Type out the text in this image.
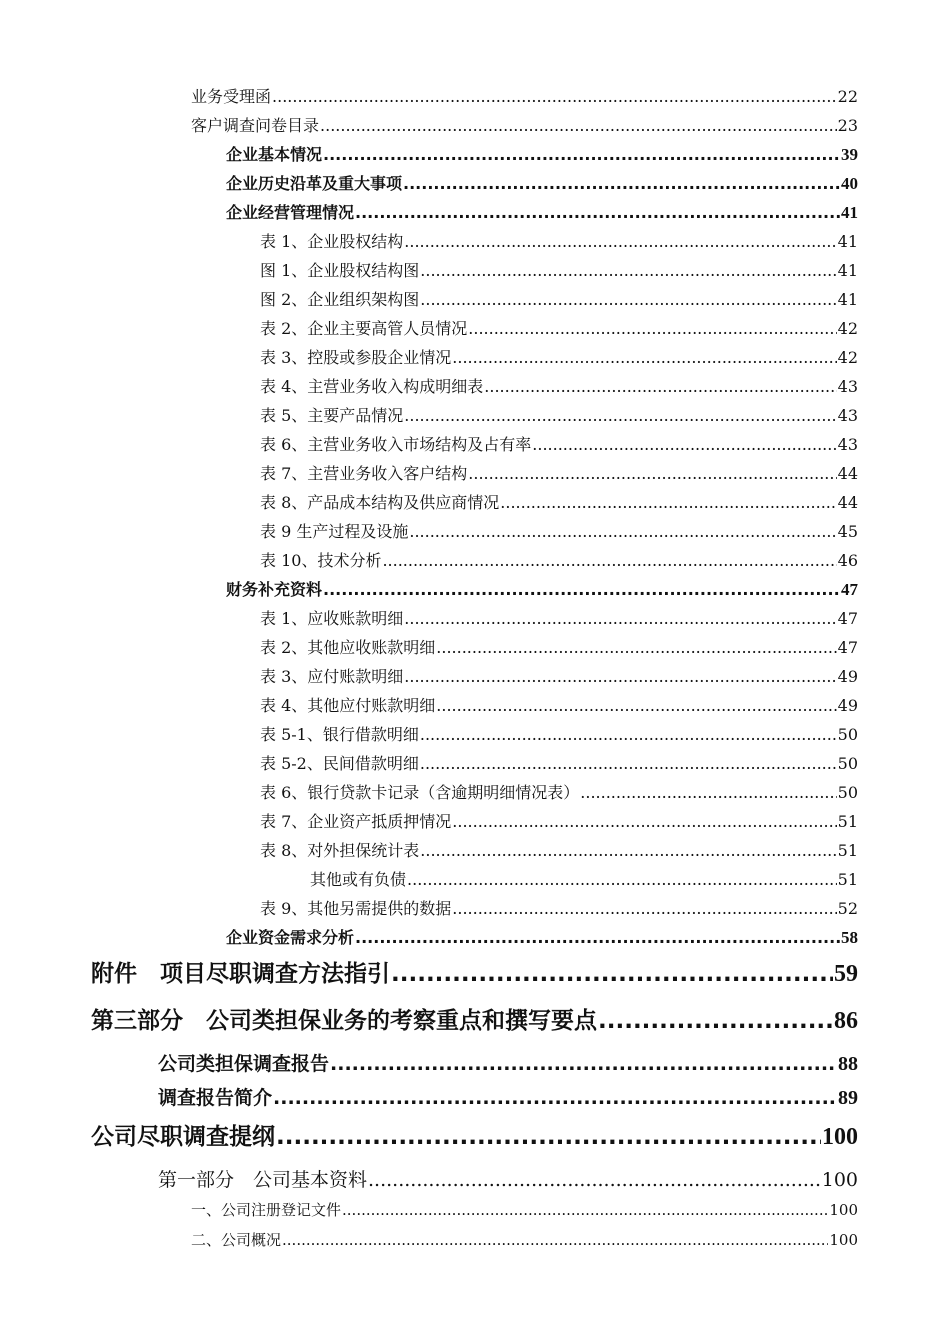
业务受理函 .....	22
客户调查问卷目录 .....	23
企业基本情况 .....	39
企业历史沿革及重大事项 .....	40
企业经营管理情况 .....	41
表 1、企业股权结构 .....	41
图 1、企业股权结构图 .....	41
图 2、企业组织架构图 .....	41
表 2、企业主要高管人员情况 .....	42
表 3、控股或参股企业情况 .....	42
表 4、主营业务收入构成明细表 .....	43
表 5、主要产品情况 .....	43
表 6、主营业务收入市场结构及占有率 .....	43
表 7、主营业务收入客户结构 .....	44
表 8、产品成本结构及供应商情况 .....	44
表 9 生产过程及设施 .....	45
表 10、技术分析 .....	46
财务补充资料 .....	47
表 1、应收账款明细 .....	47
表 2、其他应收账款明细 .....	47
表 3、应付账款明细 .....	49
表 4、其他应付账款明细 .....	49
表 5-1、银行借款明细 .....	50
表 5-2、民间借款明细 .....	50
表 6、银行贷款卡记录（含逾期明细情况表） .....	50
表 7、企业资产抵质押情况 .....	51
表 8、对外担保统计表 .....	51
其他或有负债 .....	51
表 9、其他另需提供的数据 .....	52
企业资金需求分析 .....	58
附件　项目尽职调查方法指引 .....	59
第三部分　公司类担保业务的考察重点和撰写要点 .....	86
公司类担保调查报告 .....	88
调查报告简介 .....	89
公司尽职调查提纲 .....	100
第一部分　公司基本资料 .....	100
一、公司注册登记文件 .....	100
二、公司概况 .....	100
